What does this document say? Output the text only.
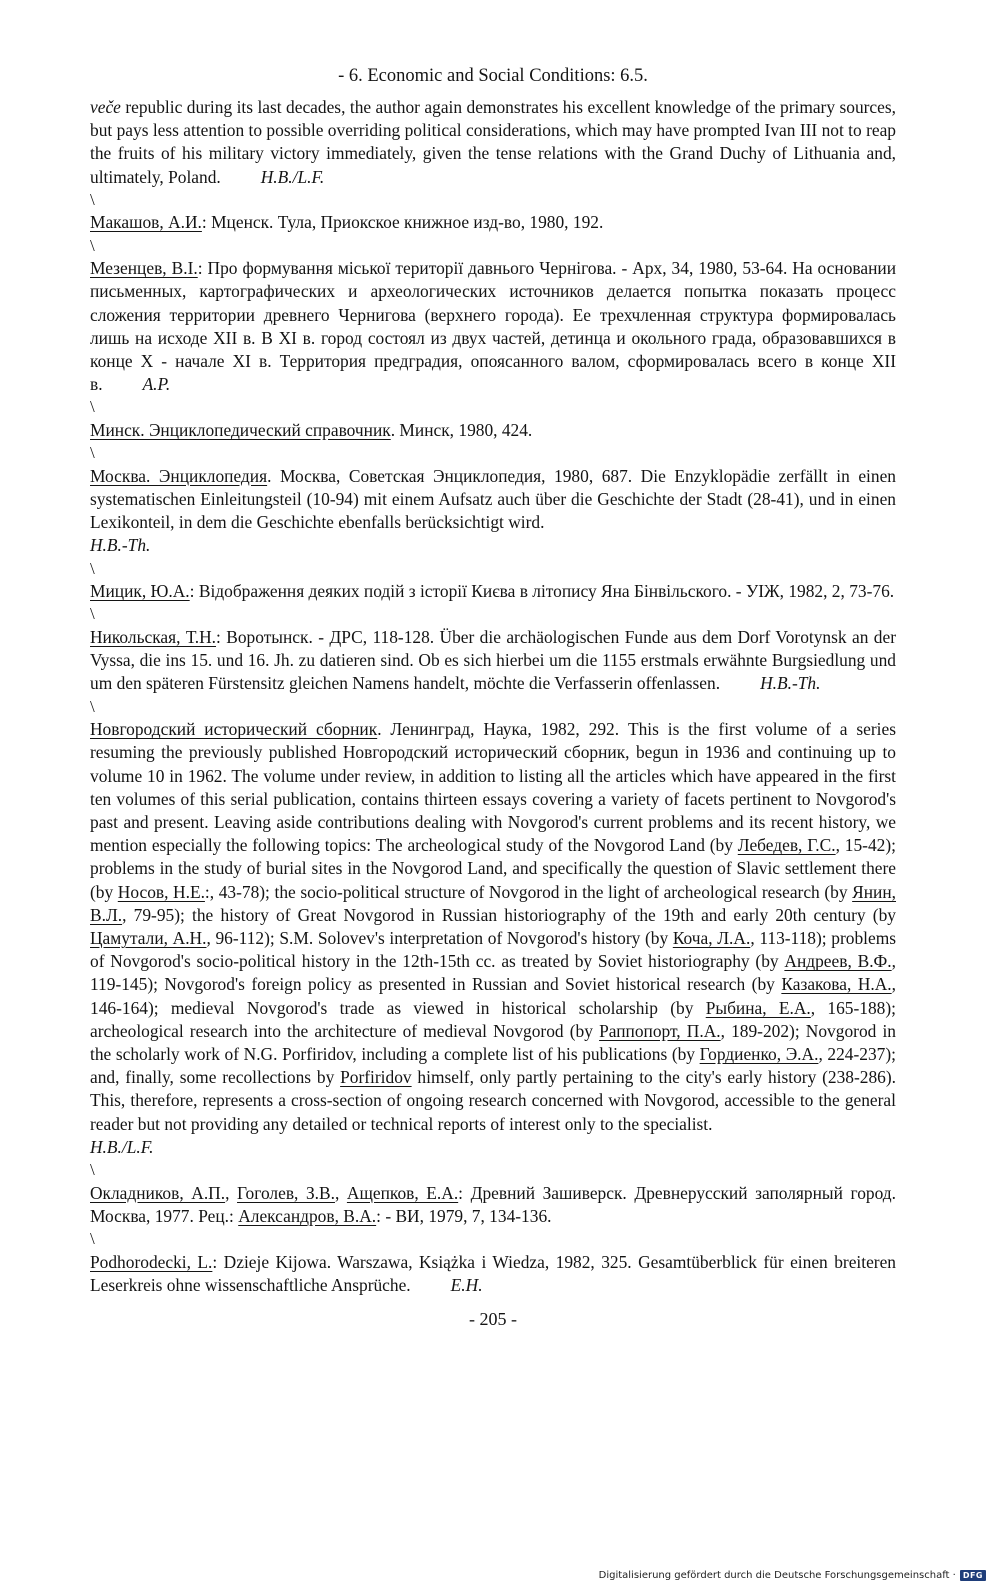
- 6. Economic and Social Conditions: 6.5.

veče republic during its last decades, the author again demonstrates his excellent knowledge of the primary sources, but pays less attention to possible overriding political considerations, which may have prompted Ivan III not to reap the fruits of his military victory immediately, given the tense relations with the Grand Duchy of Lithuania and, ultimately, Poland. H.B./L.F.

\

Макашов, А.И.: Мценск. Тула, Приокское книжное изд-во, 1980, 192.

\

Мезенцев, В.І.: Про формування міської території давнього Чернігова. - Арх, 34, 1980, 53-64. На основании письменных, картографических и археологических источников делается попытка показать процесс сложения территории древнего Чернигова (верхнего города). Ее трехчленная структура формировалась лишь на исходе XII в. В XI в. город состоял из двух частей, детинца и окольного града, образовавшихся в конце X - начале XI в. Территория предградия, опоясанного валом, сформировалась всего в конце XII в. A.P.

\

Минск. Энциклопедический справочник. Минск, 1980, 424.

\

Москва. Энциклопедия. Москва, Советская Энциклопедия, 1980, 687. Die Enzyklopädie zerfällt in einen systematischen Einleitungsteil (10-94) mit einem Aufsatz auch über die Geschichte der Stadt (28-41), und in einen Lexikonteil, in dem die Geschichte ebenfalls berücksichtigt wird.
H.B.-Th.

\

Мицик, Ю.А.: Відображення деяких подій з історії Києва в літопису Яна Бінвільского. - УІЖ, 1982, 2, 73-76.

\

Никольская, Т.Н.: Воротынск. - ДРС, 118-128. Über die archäologischen Funde aus dem Dorf Vorotynsk an der Vyssa, die ins 15. und 16. Jh. zu datieren sind. Ob es sich hierbei um die 1155 erstmals erwähnte Burgsiedlung und um den späteren Fürstensitz gleichen Namens handelt, möchte die Verfasserin offenlassen. H.B.-Th.

\

Новгородский исторический сборник. Ленинград, Наука, 1982, 292. This is the first volume of a series resuming the previously published Новгородский исторический сборник, begun in 1936 and continuing up to volume 10 in 1962. The volume under review, in addition to listing all the articles which have appeared in the first ten volumes of this serial publication, contains thirteen essays covering a variety of facets pertinent to Novgorod's past and present. Leaving aside contributions dealing with Novgorod's current problems and its recent history, we mention especially the following topics: The archeological study of the Novgorod Land (by Лебедев, Г.С., 15-42); problems in the study of burial sites in the Novgorod Land, and specifically the question of Slavic settlement there (by Носов, Н.Е.:, 43-78); the socio-political structure of Novgorod in the light of archeological research (by Янин, В.Л., 79-95); the history of Great Novgorod in Russian historiography of the 19th and early 20th century (by Цамутали, А.Н., 96-112); S.M. Solovev's interpretation of Novgorod's history (by Коча, Л.А., 113-118); problems of Novgorod's socio-political history in the 12th-15th cc. as treated by Soviet historiography (by Андреев, В.Ф., 119-145); Novgorod's foreign policy as presented in Russian and Soviet historical research (by Казакова, Н.А., 146-164); medieval Novgorod's trade as viewed in historical scholarship (by Рыбина, Е.А., 165-188); archeological research into the architecture of medieval Novgorod (by Раппопорт, П.А., 189-202); Novgorod in the scholarly work of N.G. Porfiridov, including a complete list of his publications (by Гордиенко, Э.А., 224-237); and, finally, some recollections by Porfiridov himself, only partly pertaining to the city's early history (238-286). This, therefore, represents a cross-section of ongoing research concerned with Novgorod, accessible to the general reader but not providing any detailed or technical reports of interest only to the specialist.
H.B./L.F.

\

Окладников, А.П., Гоголев, З.В., Ащепков, Е.А.: Древний Зашиверск. Древнерусский заполярный город. Москва, 1977. Рец.: Александров, В.А.: - ВИ, 1979, 7, 134-136.

\

Podhorodecki, L.: Dzieje Kijowa. Warszawa, Książka i Wiedza, 1982, 325. Gesamtüberblick für einen breiteren Leserkreis ohne wissenschaftliche Ansprüche. E.H.

- 205 -
Digitalisierung gefördert durch die Deutsche Forschungsgemeinschaft · DFG
